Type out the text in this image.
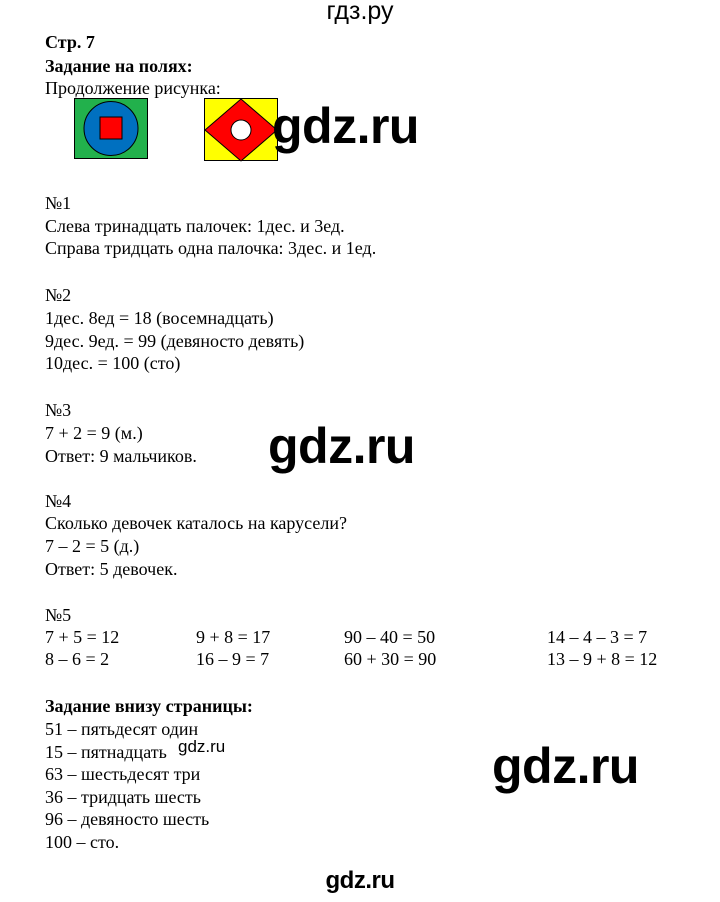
гдз.ру
Стр. 7
Задание на полях:
Продолжение рисунка:
gdz.ru
№1
Слева тринадцать палочек: 1дес. и 3ед.
Справа тридцать одна палочка: 3дес. и 1ед.
№2
1дес. 8ед = 18 (восемнадцать)
9дес. 9ед. = 99 (девяносто девять)
10дес. = 100 (сто)
№3
7 + 2 = 9 (м.)
Ответ: 9 мальчиков. gdz.ru
№4
Сколько девочек каталось на карусели?
7 – 2 = 5 (д.)
Ответ: 5 девочек.
№5
7 + 5 = 12	9 + 8 = 17	90 – 40 = 50	14 – 4 – 3 = 7
8 – 6 = 2	16 – 9 = 7	60 + 30 = 90	13 – 9 + 8 = 12
Задание внизу страницы:
51 – пятьдесят один
15 – пятнадцать
63 – шестьдесят три
36 – тридцать шесть
96 – девяносто шесть
100 – сто.
gdz.ru	gdz.ru
gdz.ru
